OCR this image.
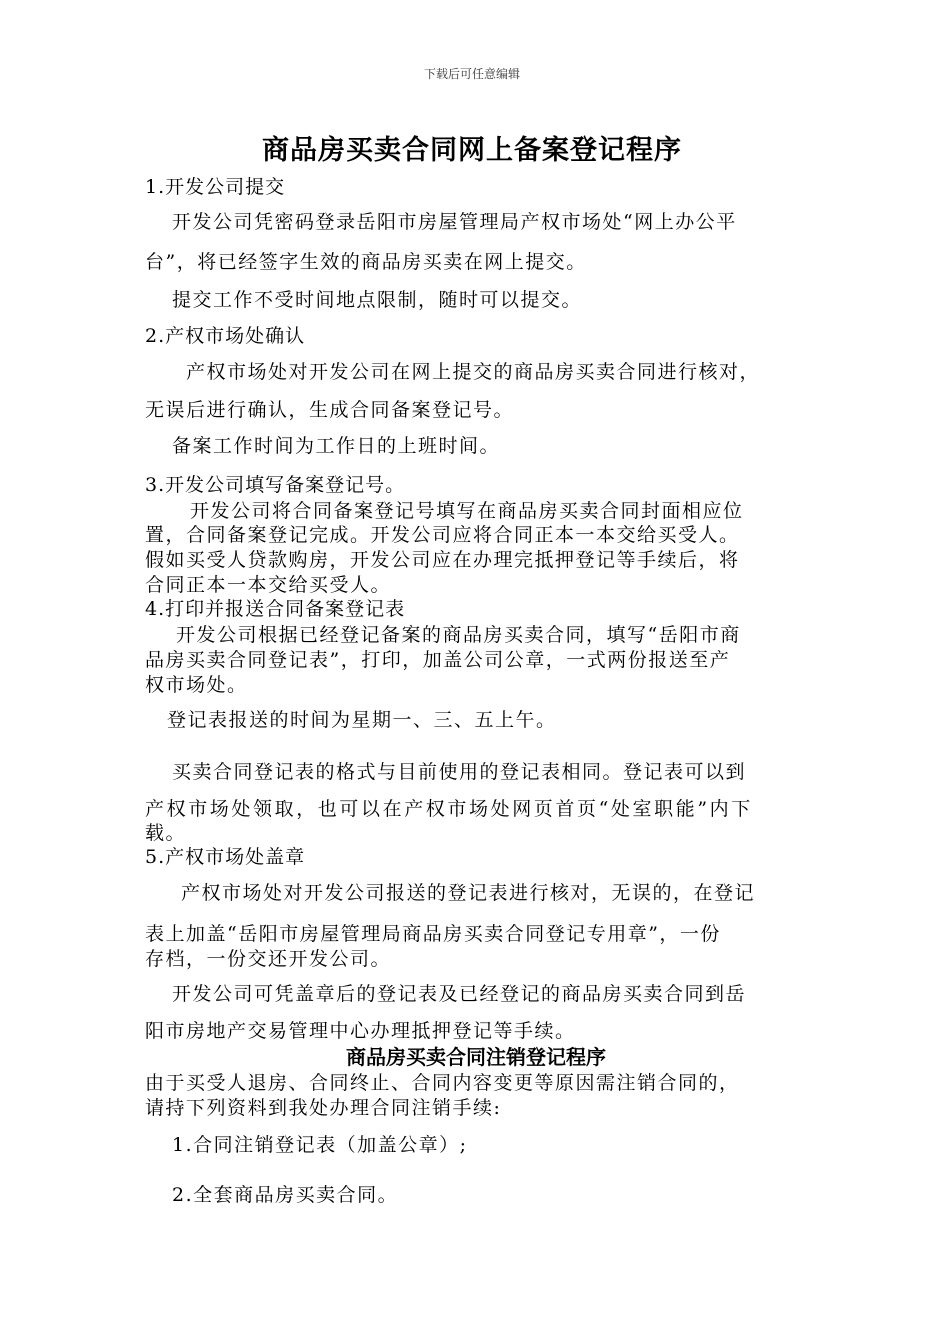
下载后可任意编辑
商品房买卖合同网上备案登记程序
1.开发公司提交
开发公司凭密码登录岳阳市房屋管理局产权市场处“网上办公平
台”，将已经签字生效的商品房买卖在网上提交。
提交工作不受时间地点限制，随时可以提交。
2.产权市场处确认
产权市场处对开发公司在网上提交的商品房买卖合同进行核对，
无误后进行确认，生成合同备案登记号。
备案工作时间为工作日的上班时间。
3.开发公司填写备案登记号。
开发公司将合同备案登记号填写在商品房买卖合同封面相应位
置，合同备案登记完成。开发公司应将合同正本一本交给买受人。
假如买受人贷款购房，开发公司应在办理完抵押登记等手续后，将
合同正本一本交给买受人。
4.打印并报送合同备案登记表
开发公司根据已经登记备案的商品房买卖合同，填写“岳阳市商
品房买卖合同登记表”，打印，加盖公司公章，一式两份报送至产
权市场处。
登记表报送的时间为星期一、三、五上午。
买卖合同登记表的格式与目前使用的登记表相同。登记表可以到
产权市场处领取，也可以在产权市场处网页首页“处室职能”内下
载。
5.产权市场处盖章
产权市场处对开发公司报送的登记表进行核对，无误的，在登记
表上加盖“岳阳市房屋管理局商品房买卖合同登记专用章”，一份
存档，一份交还开发公司。
开发公司可凭盖章后的登记表及已经登记的商品房买卖合同到岳
阳市房地产交易管理中心办理抵押登记等手续。
商品房买卖合同注销登记程序
由于买受人退房、合同终止、合同内容变更等原因需注销合同的，
请持下列资料到我处办理合同注销手续:
1.合同注销登记表（加盖公章）;
2.全套商品房买卖合同。
